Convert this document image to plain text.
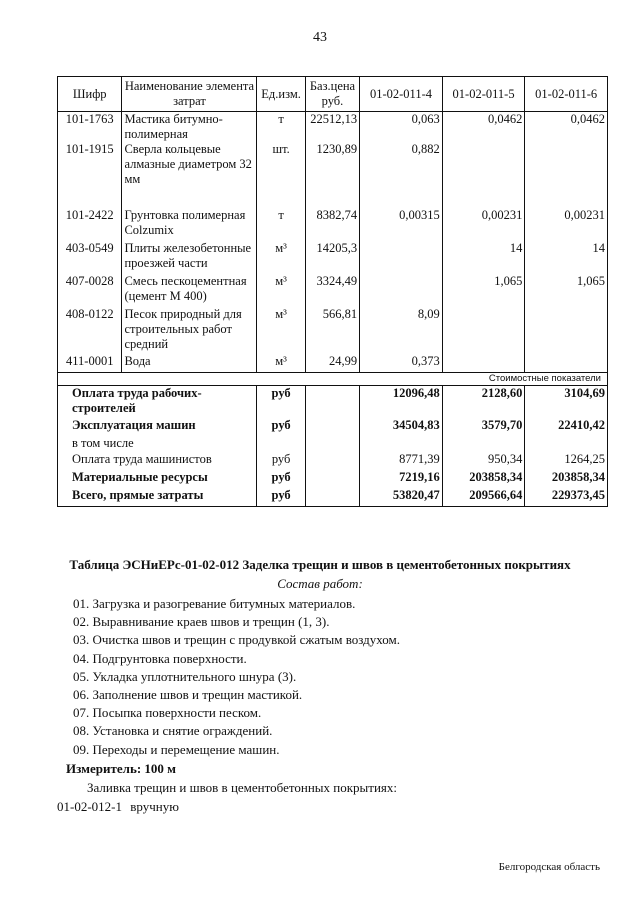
43
Шифр	Наименование элемента затрат	Ед.изм.	Баз.цена руб.	01-02-011-4	01-02-011-5	01-02-011-6
101-1763	Мастика битумно-полимерная	т	22512,13	0,063	0,0462	0,0462
101-1915	Сверла кольцевые алмазные диаметром 32 мм	шт.	1230,89	0,882		
101-2422	Грунтовка полимерная Colzumix	т	8382,74	0,00315	0,00231	0,00231
403-0549	Плиты железобетонные проезжей части	м³	14205,3		14	14
407-0028	Смесь пескоцементная (цемент М 400)	м³	3324,49		1,065	1,065
408-0122	Песок природный для строительных работ средний	м³	566,81	8,09		
411-0001	Вода	м³	24,99	0,373		
Стоимостные показатели						
Оплата труда рабочих-строителей		руб		12096,48	2128,60	3104,69
Эксплуатация машин		руб		34504,83	3579,70	22410,42
в том числе						
Оплата труда машинистов		руб		8771,39	950,34	1264,25
Материальные ресурсы		руб		7219,16	203858,34	203858,34
Всего, прямые затраты		руб		53820,47	209566,64	229373,45
Таблица ЭСНиЕРс-01-02-012 Заделка трещин и швов в цементобетонных покрытиях
Состав работ:
01. Загрузка и разогревание битумных материалов.
02. Выравнивание краев швов и трещин (1, 3).
03. Очистка швов и трещин с продувкой сжатым воздухом.
04. Подгрунтовка поверхности.
05. Укладка уплотнительного шнура (3).
06. Заполнение швов и трещин мастикой.
07. Посыпка поверхности песком.
08. Установка и снятие ограждений.
09. Переходы и перемещение машин.
Измеритель: 100 м
Заливка трещин и швов в цементобетонных покрытиях:
01-02-012-1 вручную
Белгородская область
